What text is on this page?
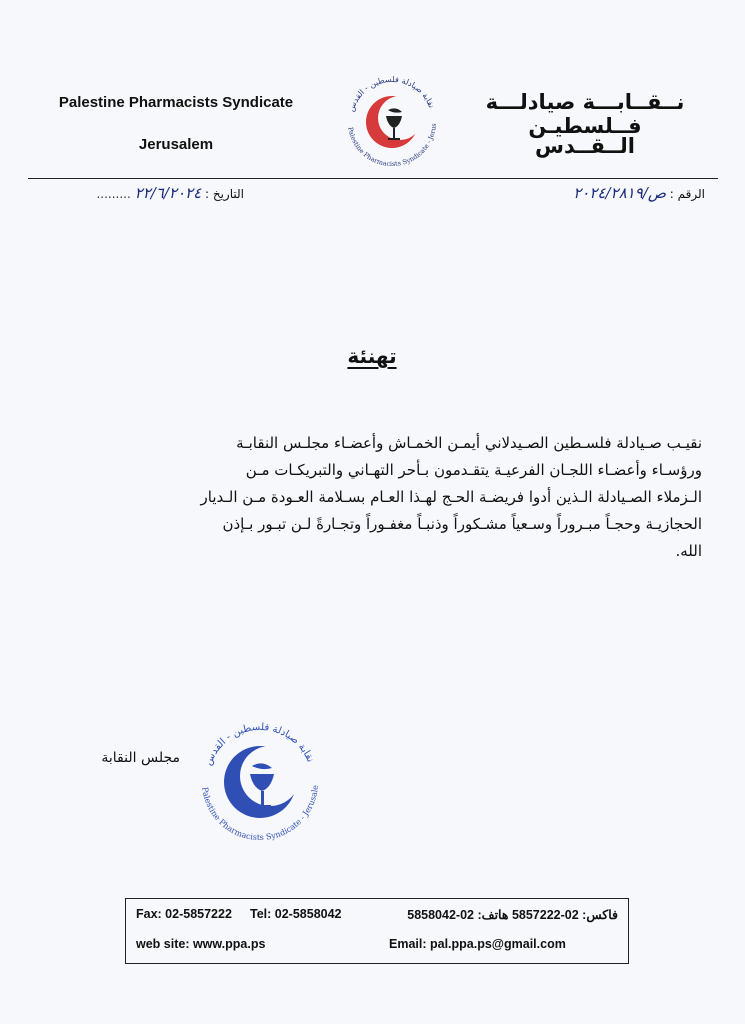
Palestine Pharmacists Syndicate
Jerusalem
نــقــابـــة صيادلـــة فــلسطيـن
الــقــدس
نقابة صيادلة فلسطين - القدس
Palestine Pharmacists Syndicate - Jerus
التاريخ : ٢٢/٦/٢٠٢٤ .........	الرقم : ص/٢٠٢٤/٢٨١٩
تهنئة

نقيـب صـيادلة فلسـطين الصـيدلاني أيمـن الخمـاش وأعضـاء مجلـس النقابـة

ورؤسـاء وأعضـاء اللجـان الفرعيـة يتقـدمون بـأحر التهـاني والتبريكـات مـن

الـزملاء الصـيادلة الـذين أدوا فريضـة الحـج لهـذا العـام بسـلامة العـودة مـن الـديار

الحجازيـة وحجـاً مبـروراً وسـعياً مشـكوراً وذنبـاً مغفـوراً وتجـارةً لـن تبـور بـإذن

الله.

مجلس النقابة نقابة صيادلة فلسطين - القدس
Palestine Pharmacists Syndicate - Jerusale
Fax: 02-5857222 Tel: 02-5858042	فاكس: 02-5857222 هاتف: 02-5858042
web site: www.ppa.ps	Email: pal.ppa.ps@gmail.com
